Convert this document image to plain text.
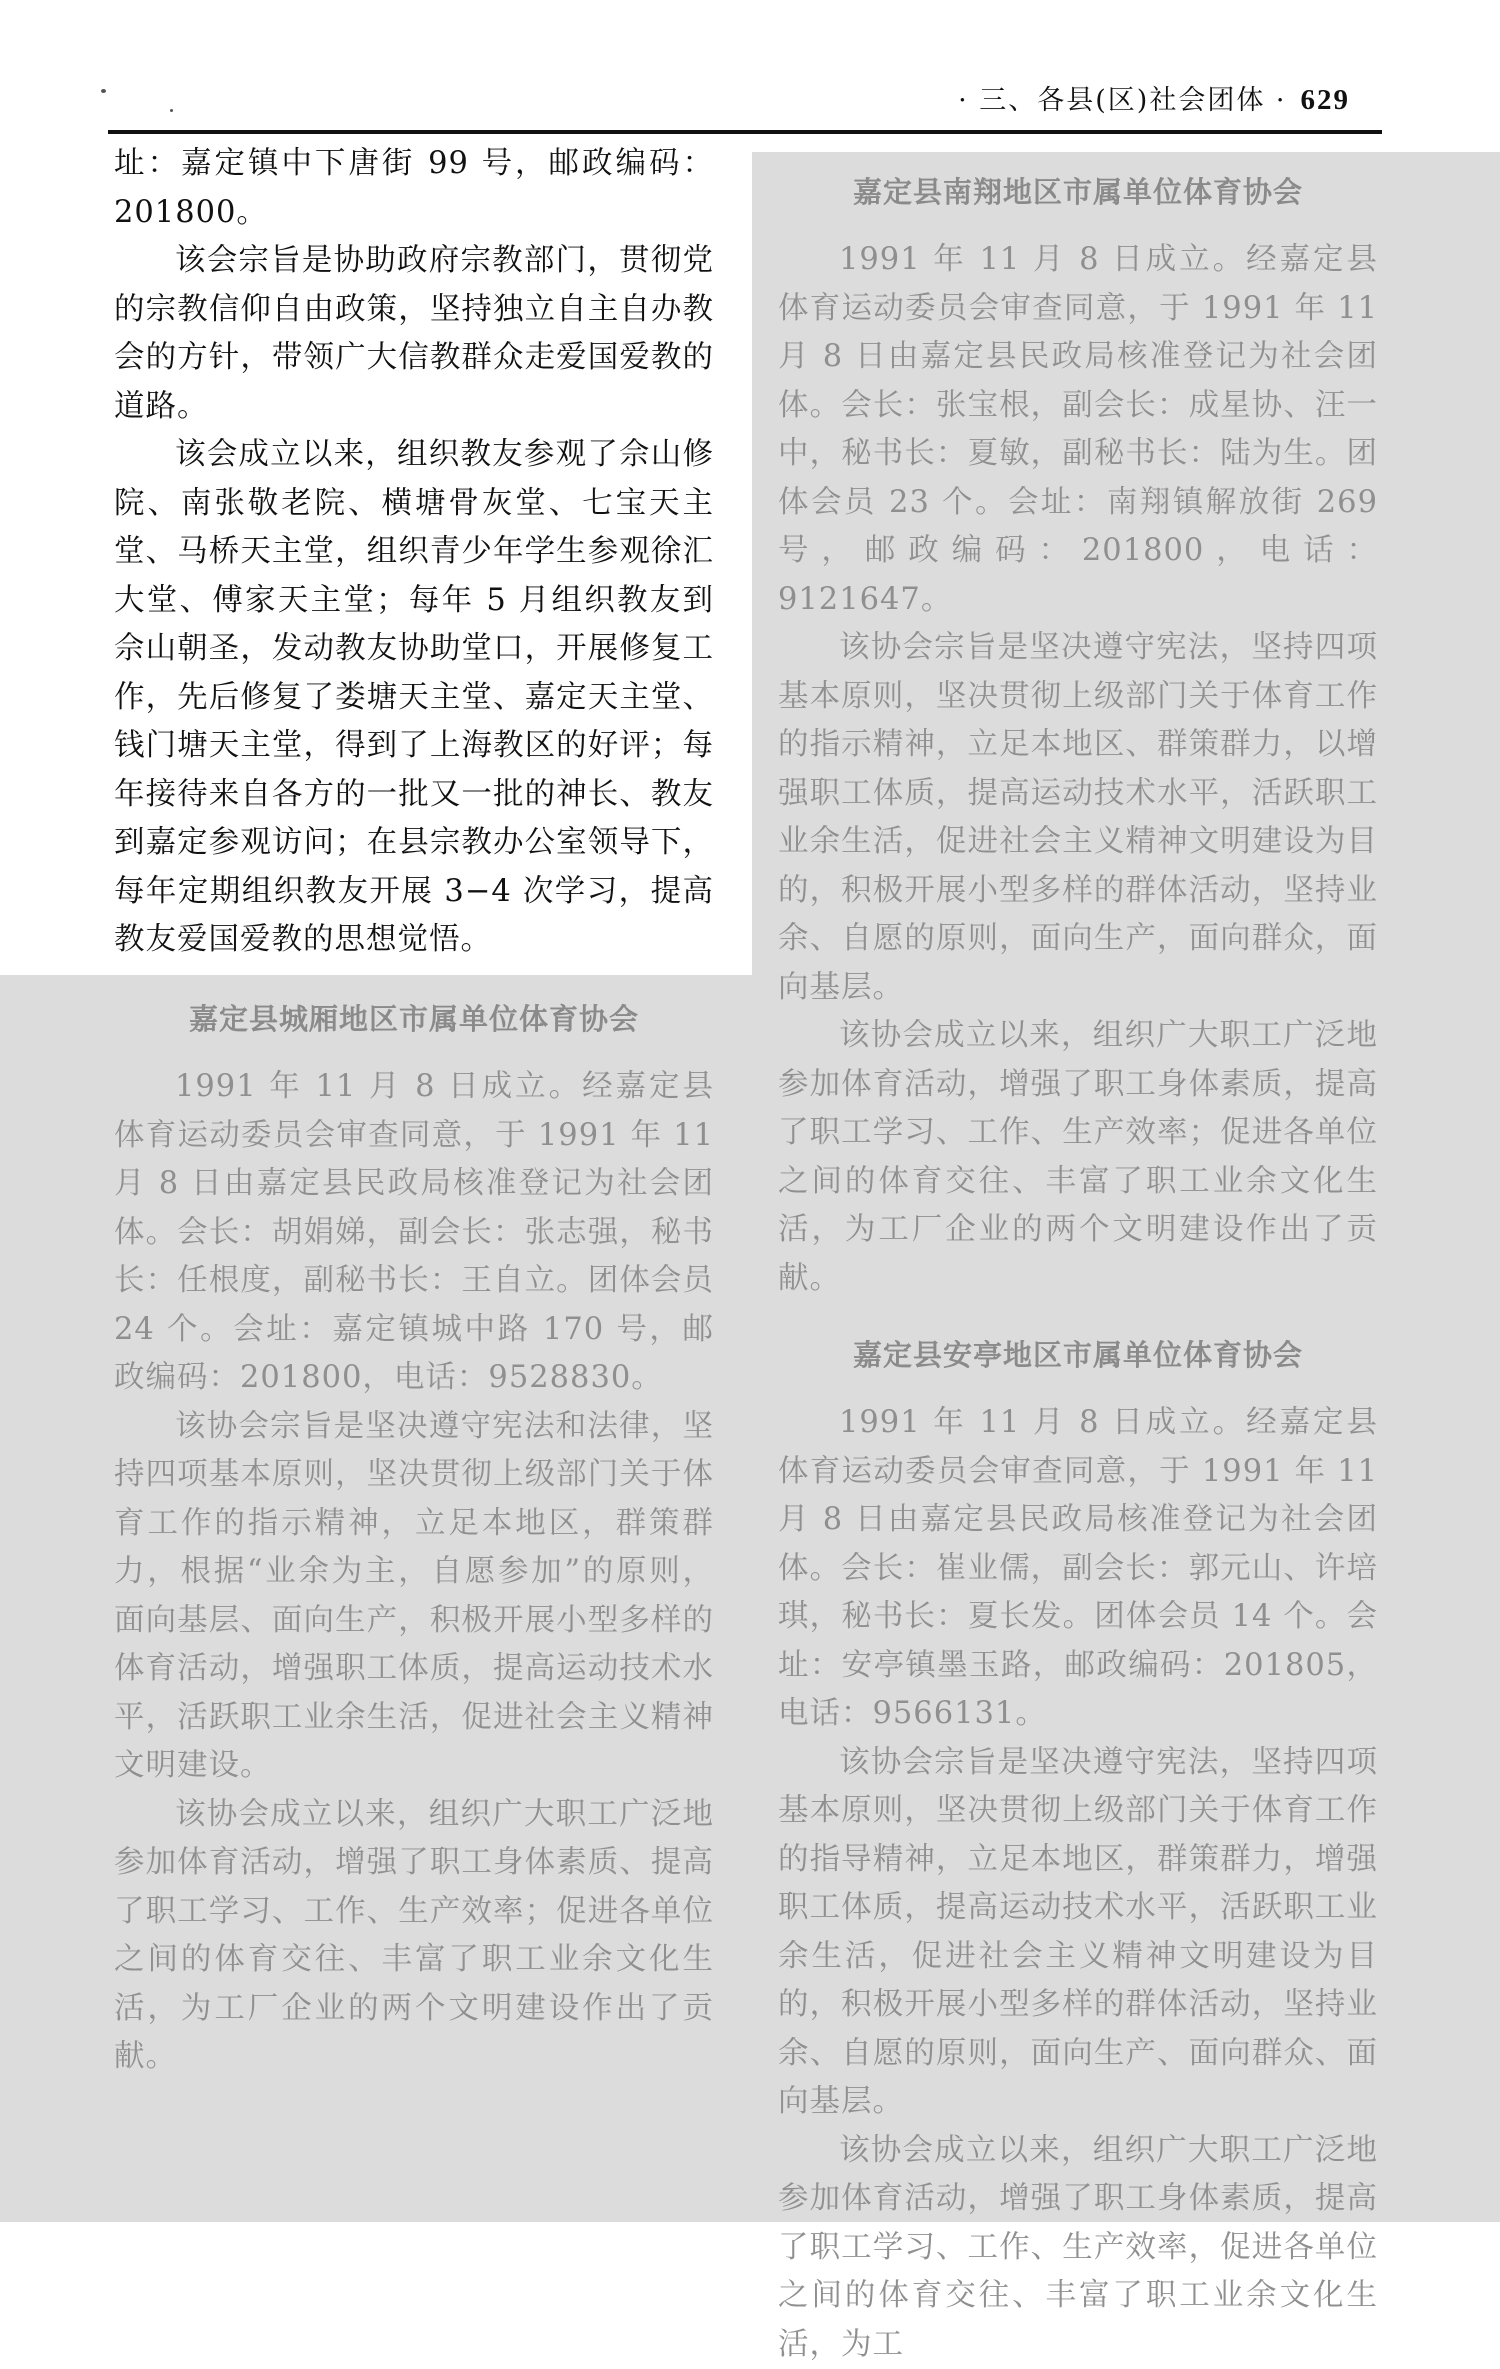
· 三、各县(区)社会团体 · 629

址：嘉定镇中下唐街 99 号，邮政编码：201800。

该会宗旨是协助政府宗教部门，贯彻党的宗教信仰自由政策，坚持独立自主自办教会的方针，带领广大信教群众走爱国爱教的道路。

该会成立以来，组织教友参观了佘山修院、南张敬老院、横塘骨灰堂、七宝天主堂、马桥天主堂，组织青少年学生参观徐汇大堂、傅家天主堂；每年 5 月组织教友到佘山朝圣，发动教友协助堂口，开展修复工作，先后修复了娄塘天主堂、嘉定天主堂、钱门塘天主堂，得到了上海教区的好评；每年接待来自各方的一批又一批的神长、教友到嘉定参观访问；在县宗教办公室领导下，每年定期组织教友开展 3−4 次学习，提高教友爱国爱教的思想觉悟。

嘉定县城厢地区市属单位体育协会

1991 年 11 月 8 日成立。经嘉定县体育运动委员会审查同意，于 1991 年 11 月 8 日由嘉定县民政局核准登记为社会团体。会长：胡娟娣，副会长：张志强，秘书长：任根度，副秘书长：王自立。团体会员 24 个。会址：嘉定镇城中路 170 号，邮政编码：201800，电话：9528830。

该协会宗旨是坚决遵守宪法和法律，坚持四项基本原则，坚决贯彻上级部门关于体育工作的指示精神，立足本地区，群策群力，根据“业余为主，自愿参加”的原则，面向基层、面向生产，积极开展小型多样的体育活动，增强职工体质，提高运动技术水平，活跃职工业余生活，促进社会主义精神文明建设。

该协会成立以来，组织广大职工广泛地参加体育活动，增强了职工身体素质、提高了职工学习、工作、生产效率；促进各单位之间的体育交往、丰富了职工业余文化生活，为工厂企业的两个文明建设作出了贡献。

嘉定县南翔地区市属单位体育协会

1991 年 11 月 8 日成立。经嘉定县体育运动委员会审查同意，于 1991 年 11 月 8 日由嘉定县民政局核准登记为社会团体。会长：张宝根，副会长：成星协、汪一中，秘书长：夏敏，副秘书长：陆为生。团体会员 23 个。会址：南翔镇解放街 269 号，邮政编码：201800，电话：9121647。

该协会宗旨是坚决遵守宪法，坚持四项基本原则，坚决贯彻上级部门关于体育工作的指示精神，立足本地区、群策群力，以增强职工体质，提高运动技术水平，活跃职工业余生活，促进社会主义精神文明建设为目的，积极开展小型多样的群体活动，坚持业余、自愿的原则，面向生产，面向群众，面向基层。

该协会成立以来，组织广大职工广泛地参加体育活动，增强了职工身体素质，提高了职工学习、工作、生产效率；促进各单位之间的体育交往、丰富了职工业余文化生活，为工厂企业的两个文明建设作出了贡献。

嘉定县安亭地区市属单位体育协会

1991 年 11 月 8 日成立。经嘉定县体育运动委员会审查同意，于 1991 年 11 月 8 日由嘉定县民政局核准登记为社会团体。会长：崔业儒，副会长：郭元山、许培琪，秘书长：夏长发。团体会员 14 个。会址：安亭镇墨玉路，邮政编码：201805，电话：9566131。

该协会宗旨是坚决遵守宪法，坚持四项基本原则，坚决贯彻上级部门关于体育工作的指导精神，立足本地区，群策群力，增强职工体质，提高运动技术水平，活跃职工业余生活，促进社会主义精神文明建设为目的，积极开展小型多样的群体活动，坚持业余、自愿的原则，面向生产、面向群众、面向基层。

该协会成立以来，组织广大职工广泛地参加体育活动，增强了职工身体素质，提高了职工学习、工作、生产效率，促进各单位之间的体育交往、丰富了职工业余文化生活，为工
